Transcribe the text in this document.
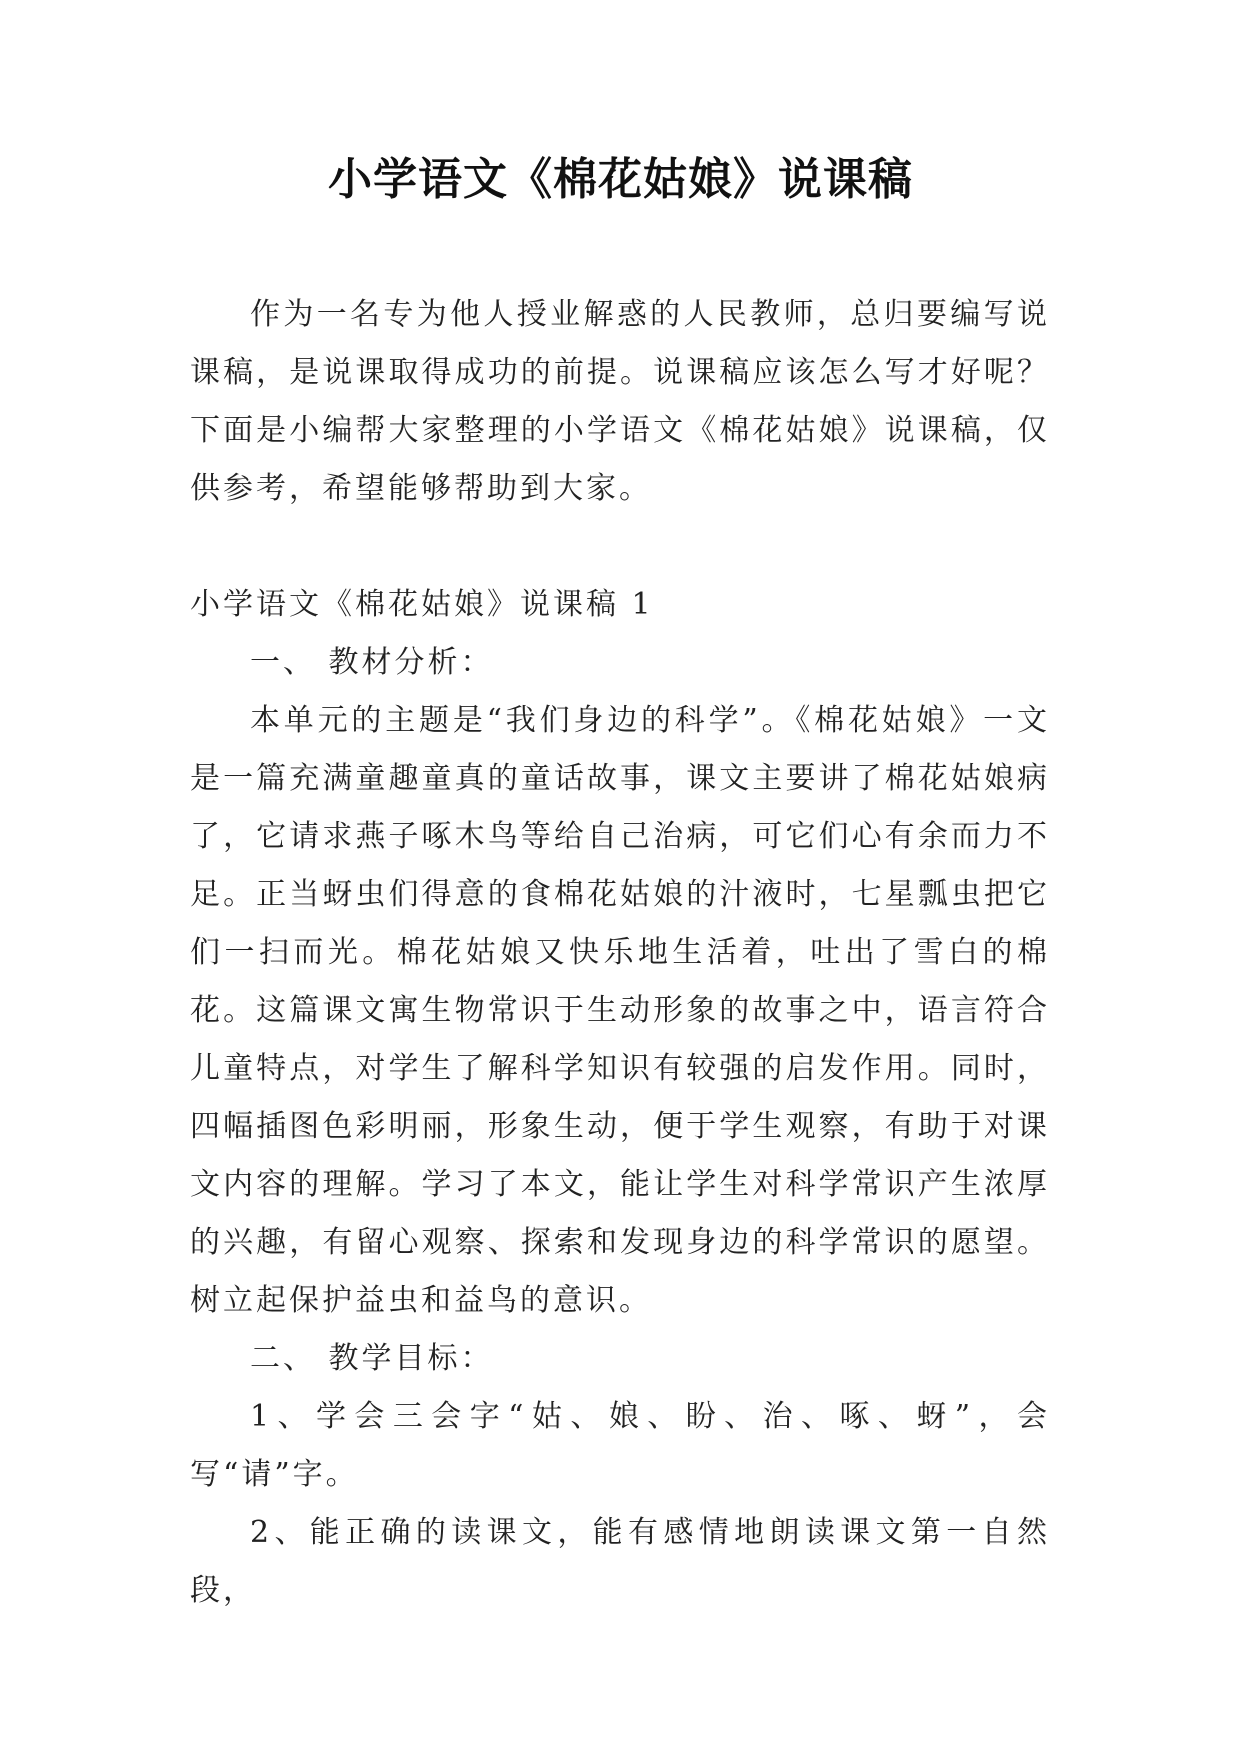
小学语文《棉花姑娘》说课稿

作为一名专为他人授业解惑的人民教师，总归要编写说课稿，是说课取得成功的前提。说课稿应该怎么写才好呢？下面是小编帮大家整理的小学语文《棉花姑娘》说课稿，仅供参考，希望能够帮助到大家。

小学语文《棉花姑娘》说课稿 1

一、 教材分析：

本单元的主题是“我们身边的科学”。《棉花姑娘》一文是一篇充满童趣童真的童话故事，课文主要讲了棉花姑娘病了，它请求燕子啄木鸟等给自己治病，可它们心有余而力不足。正当蚜虫们得意的食棉花姑娘的汁液时，七星瓢虫把它们一扫而光。棉花姑娘又快乐地生活着，吐出了雪白的棉花。这篇课文寓生物常识于生动形象的故事之中，语言符合儿童特点，对学生了解科学知识有较强的启发作用。同时，四幅插图色彩明丽，形象生动，便于学生观察，有助于对课文内容的理解。学习了本文，能让学生对科学常识产生浓厚的兴趣，有留心观察、探索和发现身边的科学常识的愿望。树立起保护益虫和益鸟的意识。

二、 教学目标：

1、学会三会字“姑、娘、盼、治、啄、蚜”，会写“请”字。

2、能正确的读课文，能有感情地朗读课文第一自然段，
